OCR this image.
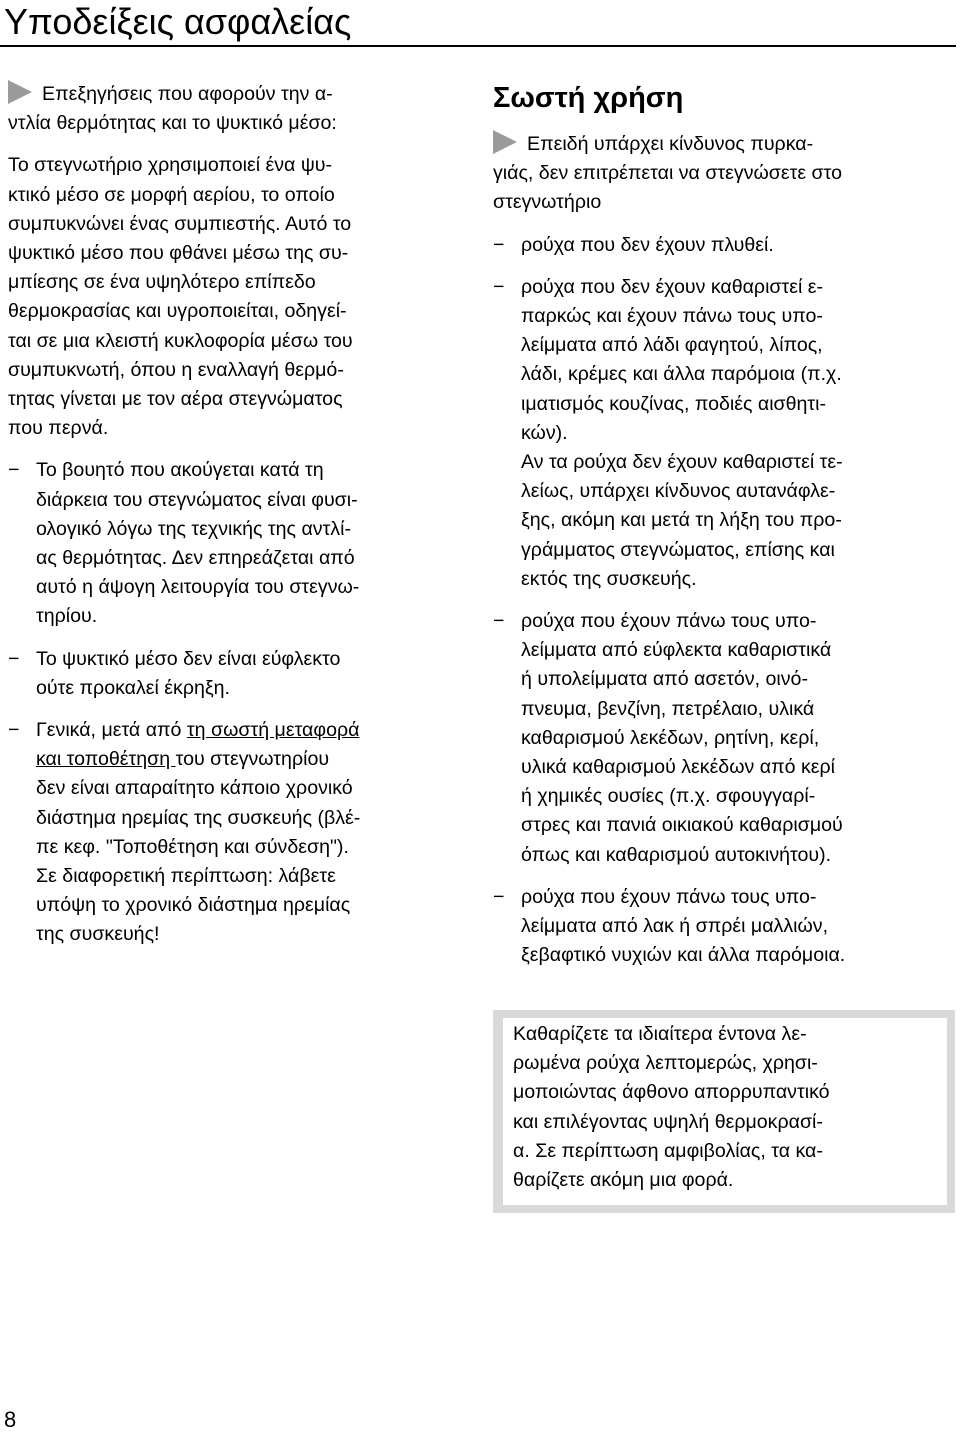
Υποδείξεις ασφαλείας
Επεξηγήσεις που αφορούν την α-
ντλία θερμότητας και το ψυκτικό μέσο:
Το στεγνωτήριο χρησιμοποιεί ένα ψυ-
κτικό μέσο σε μορφή αερίου, το οποίο
συμπυκνώνει ένας συμπιεστής. Αυτό το
ψυκτικό μέσο που φθάνει μέσω της συ-
μπίεσης σε ένα υψηλότερο επίπεδο
θερμοκρασίας και υγροποιείται, οδηγεί-
ται σε μια κλειστή κυκλοφορία μέσω του
συμπυκνωτή, όπου η εναλλαγή θερμό-
τητας γίνεται με τον αέρα στεγνώματος
που περνά.
− Το βουητό που ακούγεται κατά τη
διάρκεια του στεγνώματος είναι φυσι-
ολογικό λόγω της τεχνικής της αντλί-
ας θερμότητας. Δεν επηρεάζεται από
αυτό η άψογη λειτουργία του στεγνω-
τηρίου.
− Το ψυκτικό μέσο δεν είναι εύφλεκτο
ούτε προκαλεί έκρηξη.
− Γενικά, μετά από τη σωστή μεταφορά
και τοποθέτηση του στεγνωτηρίου
δεν είναι απαραίτητο κάποιο χρονικό
διάστημα ηρεμίας της συσκευής (βλέ-
πε κεφ. "Τοποθέτηση και σύνδεση").
Σε διαφορετική περίπτωση: λάβετε
υπόψη το χρονικό διάστημα ηρεμίας
της συσκευής!
Σωστή χρήση
Επειδή υπάρχει κίνδυνος πυρκα-
γιάς, δεν επιτρέπεται να στεγνώσετε στο
στεγνωτήριο
− ρούχα που δεν έχουν πλυθεί.
− ρούχα που δεν έχουν καθαριστεί ε-
παρκώς και έχουν πάνω τους υπο-
λείμματα από λάδι φαγητού, λίπος,
λάδι, κρέμες και άλλα παρόμοια (π.χ.
ιματισμός κουζίνας, ποδιές αισθητι-
κών).
Αν τα ρούχα δεν έχουν καθαριστεί τε-
λείως, υπάρχει κίνδυνος αυτανάφλε-
ξης, ακόμη και μετά τη λήξη του προ-
γράμματος στεγνώματος, επίσης και
εκτός της συσκευής.
− ρούχα που έχουν πάνω τους υπο-
λείμματα από εύφλεκτα καθαριστικά
ή υπολείμματα από ασετόν, οινό-
πνευμα, βενζίνη, πετρέλαιο, υλικά
καθαρισμού λεκέδων, ρητίνη, κερί,
υλικά καθαρισμού λεκέδων από κερί
ή χημικές ουσίες (π.χ. σφουγγαρί-
στρες και πανιά οικιακού καθαρισμού
όπως και καθαρισμού αυτοκινήτου).
− ρούχα που έχουν πάνω τους υπο-
λείμματα από λακ ή σπρέι μαλλιών,
ξεβαφτικό νυχιών και άλλα παρόμοια.
Καθαρίζετε τα ιδιαίτερα έντονα λε-
ρωμένα ρούχα λεπτομερώς, χρησι-
μοποιώντας άφθονο απορρυπαντικό
και επιλέγοντας υψηλή θερμοκρασί-
α. Σε περίπτωση αμφιβολίας, τα κα-
θαρίζετε ακόμη μια φορά.
8
